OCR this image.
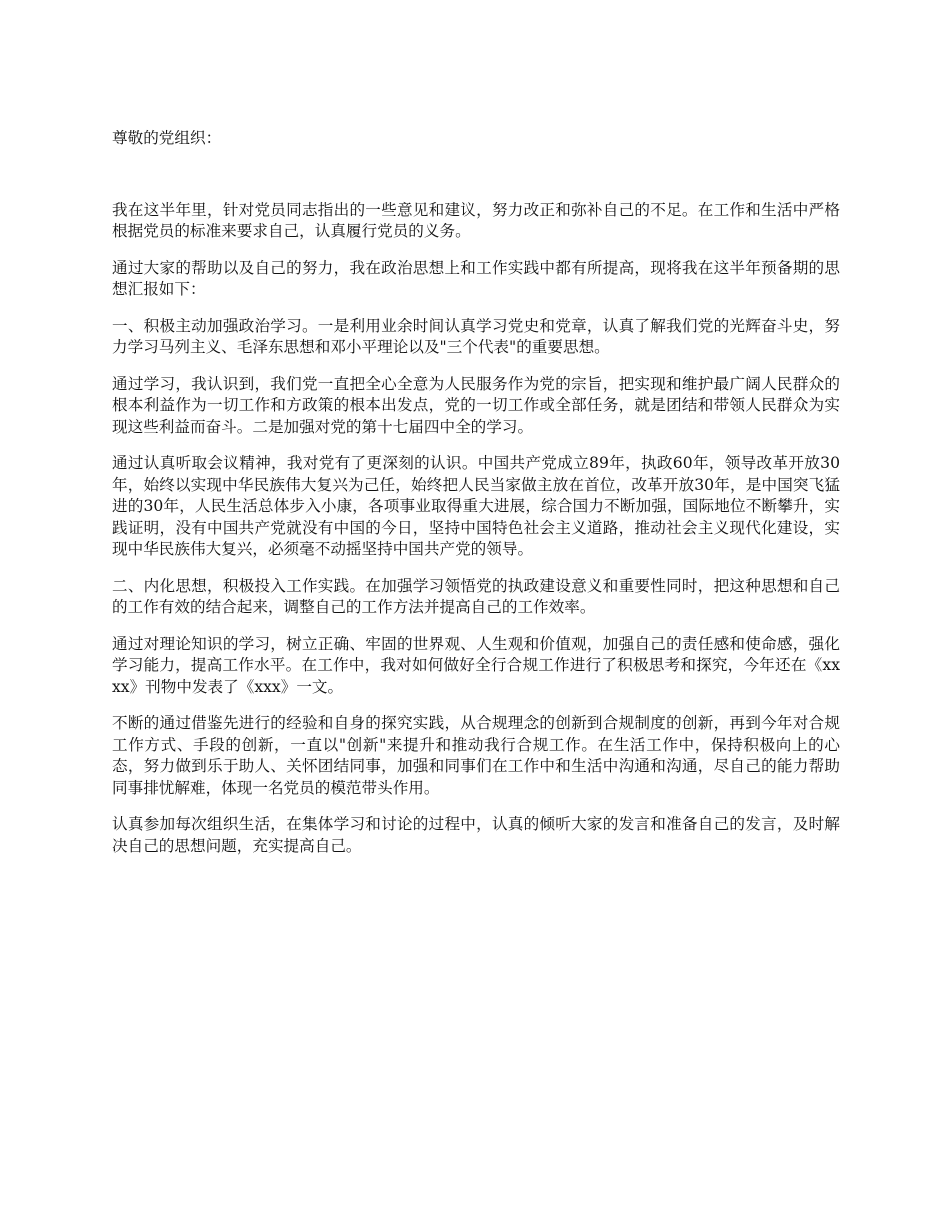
尊敬的党组织：

我在这半年里，针对党员同志指出的一些意见和建议，努力改正和弥补自己的不足。在工作和生活中严格根据党员的标准来要求自己，认真履行党员的义务。

通过大家的帮助以及自己的努力，我在政治思想上和工作实践中都有所提高，现将我在这半年预备期的思想汇报如下：

一、积极主动加强政治学习。一是利用业余时间认真学习党史和党章，认真了解我们党的光辉奋斗史，努力学习马列主义、毛泽东思想和邓小平理论以及"三个代表"的重要思想。

通过学习，我认识到，我们党一直把全心全意为人民服务作为党的宗旨，把实现和维护最广阔人民群众的根本利益作为一切工作和方政策的根本出发点，党的一切工作或全部任务，就是团结和带领人民群众为实现这些利益而奋斗。二是加强对党的第十七届四中全的学习。

通过认真听取会议精神，我对党有了更深刻的认识。中国共产党成立89年，执政60年，领导改革开放30年，始终以实现中华民族伟大复兴为己任，始终把人民当家做主放在首位，改革开放30年，是中国突飞猛进的30年，人民生活总体步入小康，各项事业取得重大进展，综合国力不断加强，国际地位不断攀升，实践证明，没有中国共产党就没有中国的今日，坚持中国特色社会主义道路，推动社会主义现代化建设，实现中华民族伟大复兴，必须毫不动摇坚持中国共产党的领导。

二、内化思想，积极投入工作实践。在加强学习领悟党的执政建设意义和重要性同时，把这种思想和自己的工作有效的结合起来，调整自己的工作方法并提高自己的工作效率。

通过对理论知识的学习，树立正确、牢固的世界观、人生观和价值观，加强自己的责任感和使命感，强化学习能力，提高工作水平。在工作中，我对如何做好全行合规工作进行了积极思考和探究，今年还在《xxxx》刊物中发表了《xxx》一文。

不断的通过借鉴先进行的经验和自身的探究实践，从合规理念的创新到合规制度的创新，再到今年对合规工作方式、手段的创新，一直以"创新"来提升和推动我行合规工作。在生活工作中，保持积极向上的心态，努力做到乐于助人、关怀团结同事，加强和同事们在工作中和生活中沟通和沟通，尽自己的能力帮助同事排忧解难，体现一名党员的模范带头作用。

认真参加每次组织生活，在集体学习和讨论的过程中，认真的倾听大家的发言和准备自己的发言，及时解决自己的思想问题，充实提高自己。
